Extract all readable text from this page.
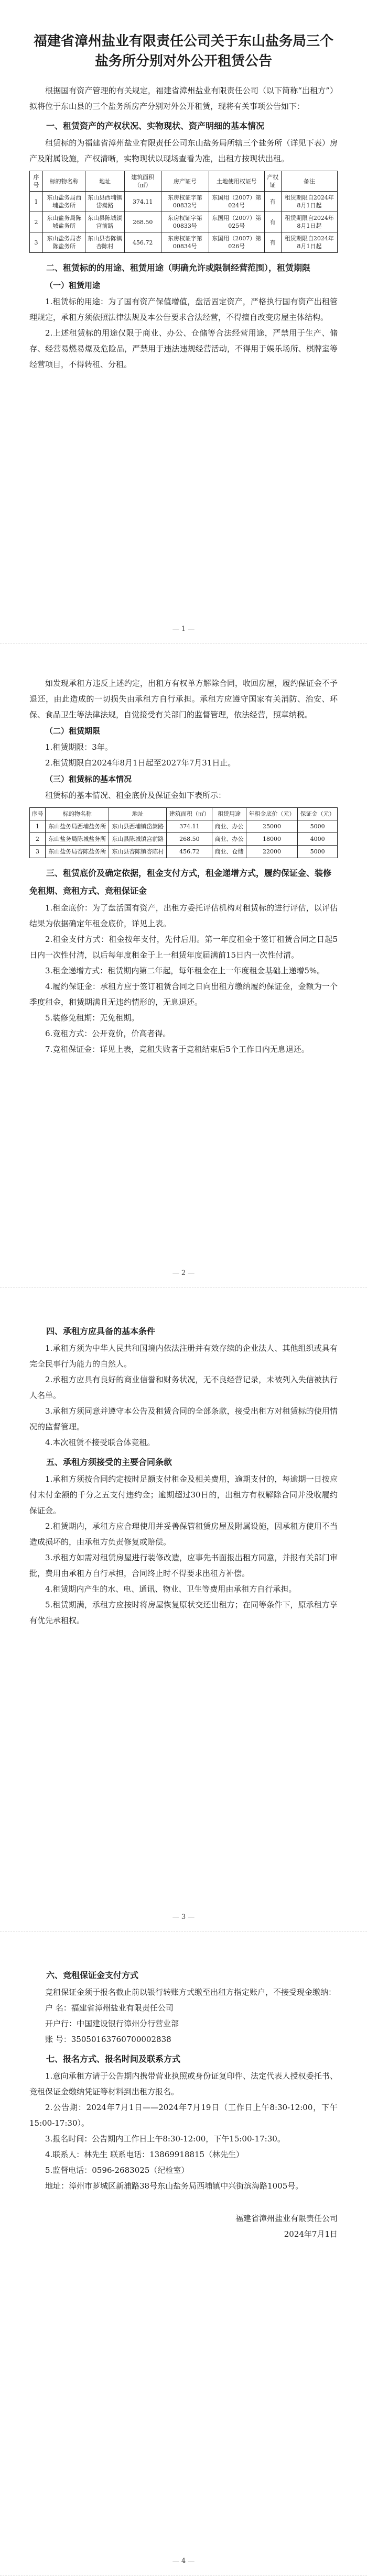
福建省漳州盐业有限责任公司关于东山盐务局三个盐务所分别对外公开租赁公告

根据国有资产管理的有关规定，福建省漳州盐业有限责任公司（以下简称“出租方”）拟将位于东山县的三个盐务所房产分别对外公开租赁，现将有关事项公告如下：

一、租赁资产的产权状况、实物现状、资产明细的基本情况

租赁标的为福建省漳州盐业有限责任公司东山盐务局所辖三个盐务所（详见下表）房产及附属设施，产权清晰，实物现状以现场查看为准，出租方按现状出租。

序号	标的物名称	地址	建筑面积（㎡）	房产证号	土地使用权证号	产权证	备注
1	东山盐务局西埔盐务所	东山县西埔镇岱嵩路	374.11	东房权证字第00832号	东国用（2007）第024号	有	租赁期限自2024年8月1日起
2	东山盐务局陈城盐务所	东山县陈城镇宫前路	268.50	东房权证字第00833号	东国用（2007）第025号	有	租赁期限自2024年8月1日起
3	东山盐务局杏陈盐务所	东山县杏陈镇杏陈村	456.72	东房权证字第00834号	东国用（2007）第026号	有	租赁期限自2024年8月1日起

二、租赁标的的用途、租赁用途（明确允许或限制经营范围），租赁期限

（一）租赁用途

1.租赁标的用途：为了国有资产保值增值，盘活固定资产，严格执行国有资产出租管理规定，承租方须依照法律法规及本公告要求合法经营，不得擅自改变房屋主体结构。

2.上述租赁标的用途仅限于商业、办公、仓储等合法经营用途，严禁用于生产、储存、经营易燃易爆及危险品，严禁用于违法违规经营活动，不得用于娱乐场所、棋牌室等经营项目，不得转租、分租。

— 1 —

如发现承租方违反上述约定，出租方有权单方解除合同，收回房屋，履约保证金不予退还，由此造成的一切损失由承租方自行承担。承租方应遵守国家有关消防、治安、环保、食品卫生等法律法规，自觉接受有关部门的监督管理，依法经营，照章纳税。

（二）租赁期限

1.租赁期限：3年。

2.租赁期限自2024年8月1日起至2027年7月31日止。

（三）租赁标的基本情况

租赁标的基本情况、租金底价及保证金如下表所示：

序号	标的物名称	地址	建筑面积（㎡）	租赁用途	年租金底价（元）	保证金（元）
1	东山盐务局西埔盐务所	东山县西埔镇岱嵩路	374.11	商业、办公	25000	5000
2	东山盐务局陈城盐务所	东山县陈城镇宫前路	268.50	商业、办公	18000	4000
3	东山盐务局杏陈盐务所	东山县杏陈镇杏陈村	456.72	商业、仓储	22000	5000

三、租赁底价及确定依据，租金支付方式，租金递增方式，履约保证金、装修免租期、竞租方式、竞租保证金

1.租金底价：为了盘活国有资产，出租方委托评估机构对租赁标的进行评估，以评估结果为依据确定年租金底价，详见上表。

2.租金支付方式：租金按年支付，先付后用。第一年度租金于签订租赁合同之日起5日内一次性付清，以后每年度租金于上一租赁年度届满前15日内一次性付清。

3.租金递增方式：租赁期内第二年起，每年租金在上一年度租金基础上递增5%。

4.履约保证金：承租方应于签订租赁合同之日向出租方缴纳履约保证金，金额为一个季度租金，租赁期满且无违约情形的，无息退还。

5.装修免租期：无免租期。

6.竞租方式：公开竞价，价高者得。

7.竞租保证金：详见上表，竞租失败者于竞租结束后5个工作日内无息退还。

— 2 —

四、承租方应具备的基本条件

1.承租方须为中华人民共和国境内依法注册并有效存续的企业法人、其他组织或具有完全民事行为能力的自然人。

2.承租方应具有良好的商业信誉和财务状况，无不良经营记录，未被列入失信被执行人名单。

3.承租方须同意并遵守本公告及租赁合同的全部条款，接受出租方对租赁标的使用情况的监督管理。

4.本次租赁不接受联合体竞租。

五、承租方须接受的主要合同条款

1.承租方须按合同约定按时足额支付租金及相关费用，逾期支付的，每逾期一日按应付未付金额的千分之五支付违约金；逾期超过30日的，出租方有权解除合同并没收履约保证金。

2.租赁期内，承租方应合理使用并妥善保管租赁房屋及附属设施，因承租方使用不当造成损坏的，由承租方负责修复或赔偿。

3.承租方如需对租赁房屋进行装修改造，应事先书面报出租方同意，并报有关部门审批，费用由承租方自行承担，合同终止时不得要求出租方补偿。

4.租赁期内产生的水、电、通讯、物业、卫生等费用由承租方自行承担。

5.租赁期满，承租方应按时将房屋恢复原状交还出租方；在同等条件下，原承租方享有优先承租权。

— 3 —

六、竞租保证金支付方式

竞租保证金须于报名截止前以银行转账方式缴至出租方指定账户，不接受现金缴纳：

户 名：福建省漳州盐业有限责任公司

开户行：中国建设银行漳州分行营业部

账 号：35050163760700002838

七、报名方式、报名时间及联系方式

1.意向承租方请于公告期内携带营业执照或身份证复印件、法定代表人授权委托书、竞租保证金缴纳凭证等材料到出租方报名。

2.公告期：2024年7月1日——2024年7月19日（工作日上午8:30-12:00，下午15:00-17:30）。

3.报名时间：公告期内工作日上午8:30-12:00，下午15:00-17:30。

4.联系人：林先生 联系电话：13869918815（林先生）

5.监督电话：0596-2683025（纪检室）

地址：漳州市芗城区新浦路38号东山盐务局西埔镇中兴街滨海路1005号。

福建省漳州盐业有限责任公司

2024年7月1日

— 4 —
